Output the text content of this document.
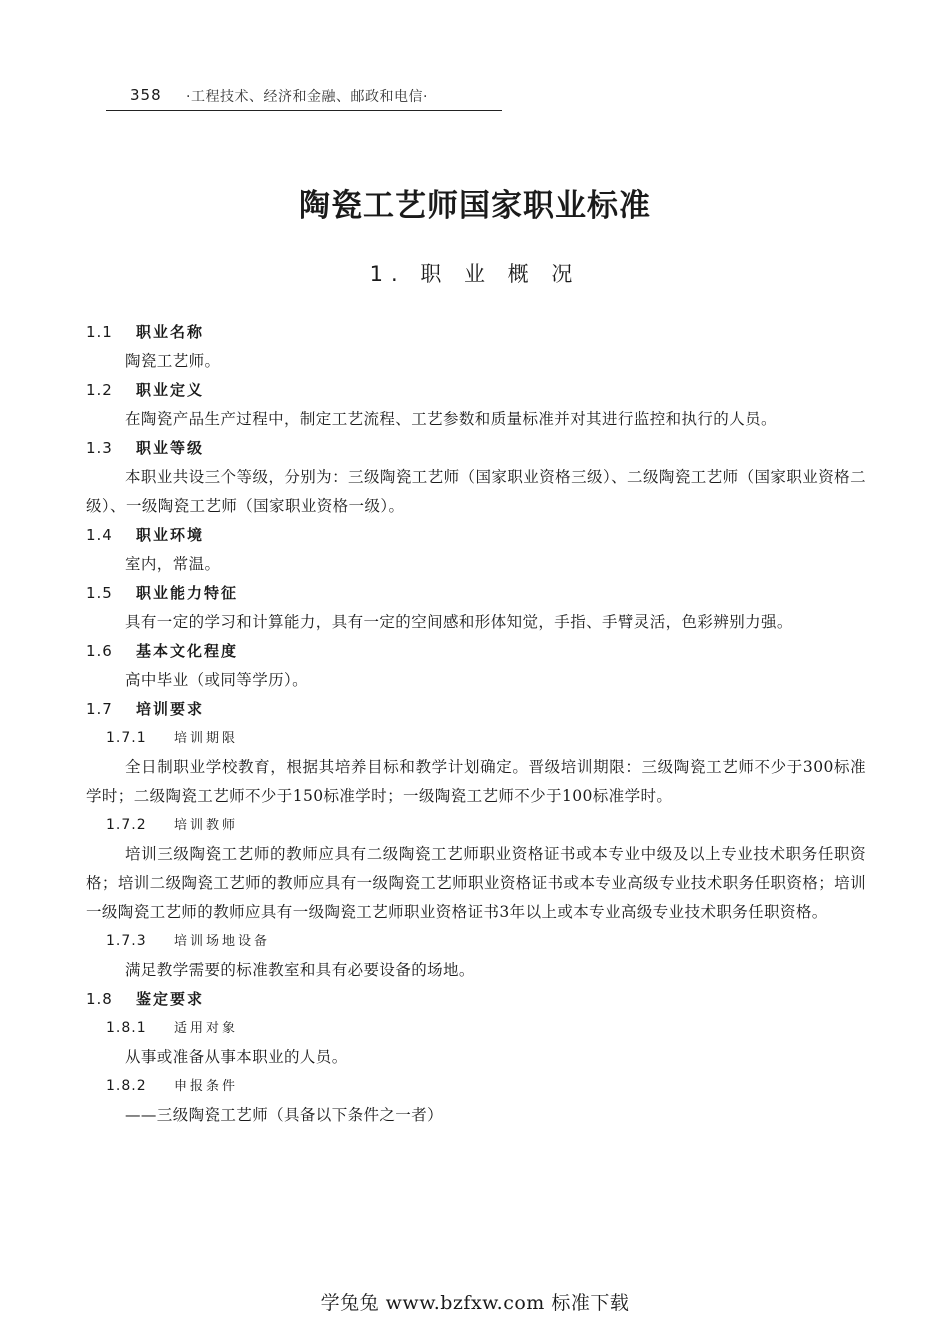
358 ·工程技术、经济和金融、邮政和电信·
陶瓷工艺师国家职业标准
1. 职 业 概 况
1.1	职业名称

陶瓷工艺师。

1.2	职业定义

在陶瓷产品生产过程中，制定工艺流程、工艺参数和质量标准并对其进行监控和执行的人员。

1.3	职业等级

本职业共设三个等级，分别为：三级陶瓷工艺师（国家职业资格三级）、二级陶瓷工艺师（国家职业资格二级）、一级陶瓷工艺师（国家职业资格一级）。

1.4	职业环境

室内，常温。

1.5	职业能力特征

具有一定的学习和计算能力，具有一定的空间感和形体知觉，手指、手臂灵活，色彩辨别力强。

1.6	基本文化程度

高中毕业（或同等学历）。

1.7	培训要求
1.7.1	培训期限

全日制职业学校教育，根据其培养目标和教学计划确定。晋级培训期限：三级陶瓷工艺师不少于300标准学时；二级陶瓷工艺师不少于150标准学时；一级陶瓷工艺师不少于100标准学时。

1.7.2	培训教师

培训三级陶瓷工艺师的教师应具有二级陶瓷工艺师职业资格证书或本专业中级及以上专业技术职务任职资格；培训二级陶瓷工艺师的教师应具有一级陶瓷工艺师职业资格证书或本专业高级专业技术职务任职资格；培训一级陶瓷工艺师的教师应具有一级陶瓷工艺师职业资格证书3年以上或本专业高级专业技术职务任职资格。

1.7.3	培训场地设备

满足教学需要的标准教室和具有必要设备的场地。

1.8	鉴定要求
1.8.1	适用对象

从事或准备从事本职业的人员。

1.8.2	申报条件

——三级陶瓷工艺师（具备以下条件之一者）

学兔兔 www.bzfxw.com 标准下载
